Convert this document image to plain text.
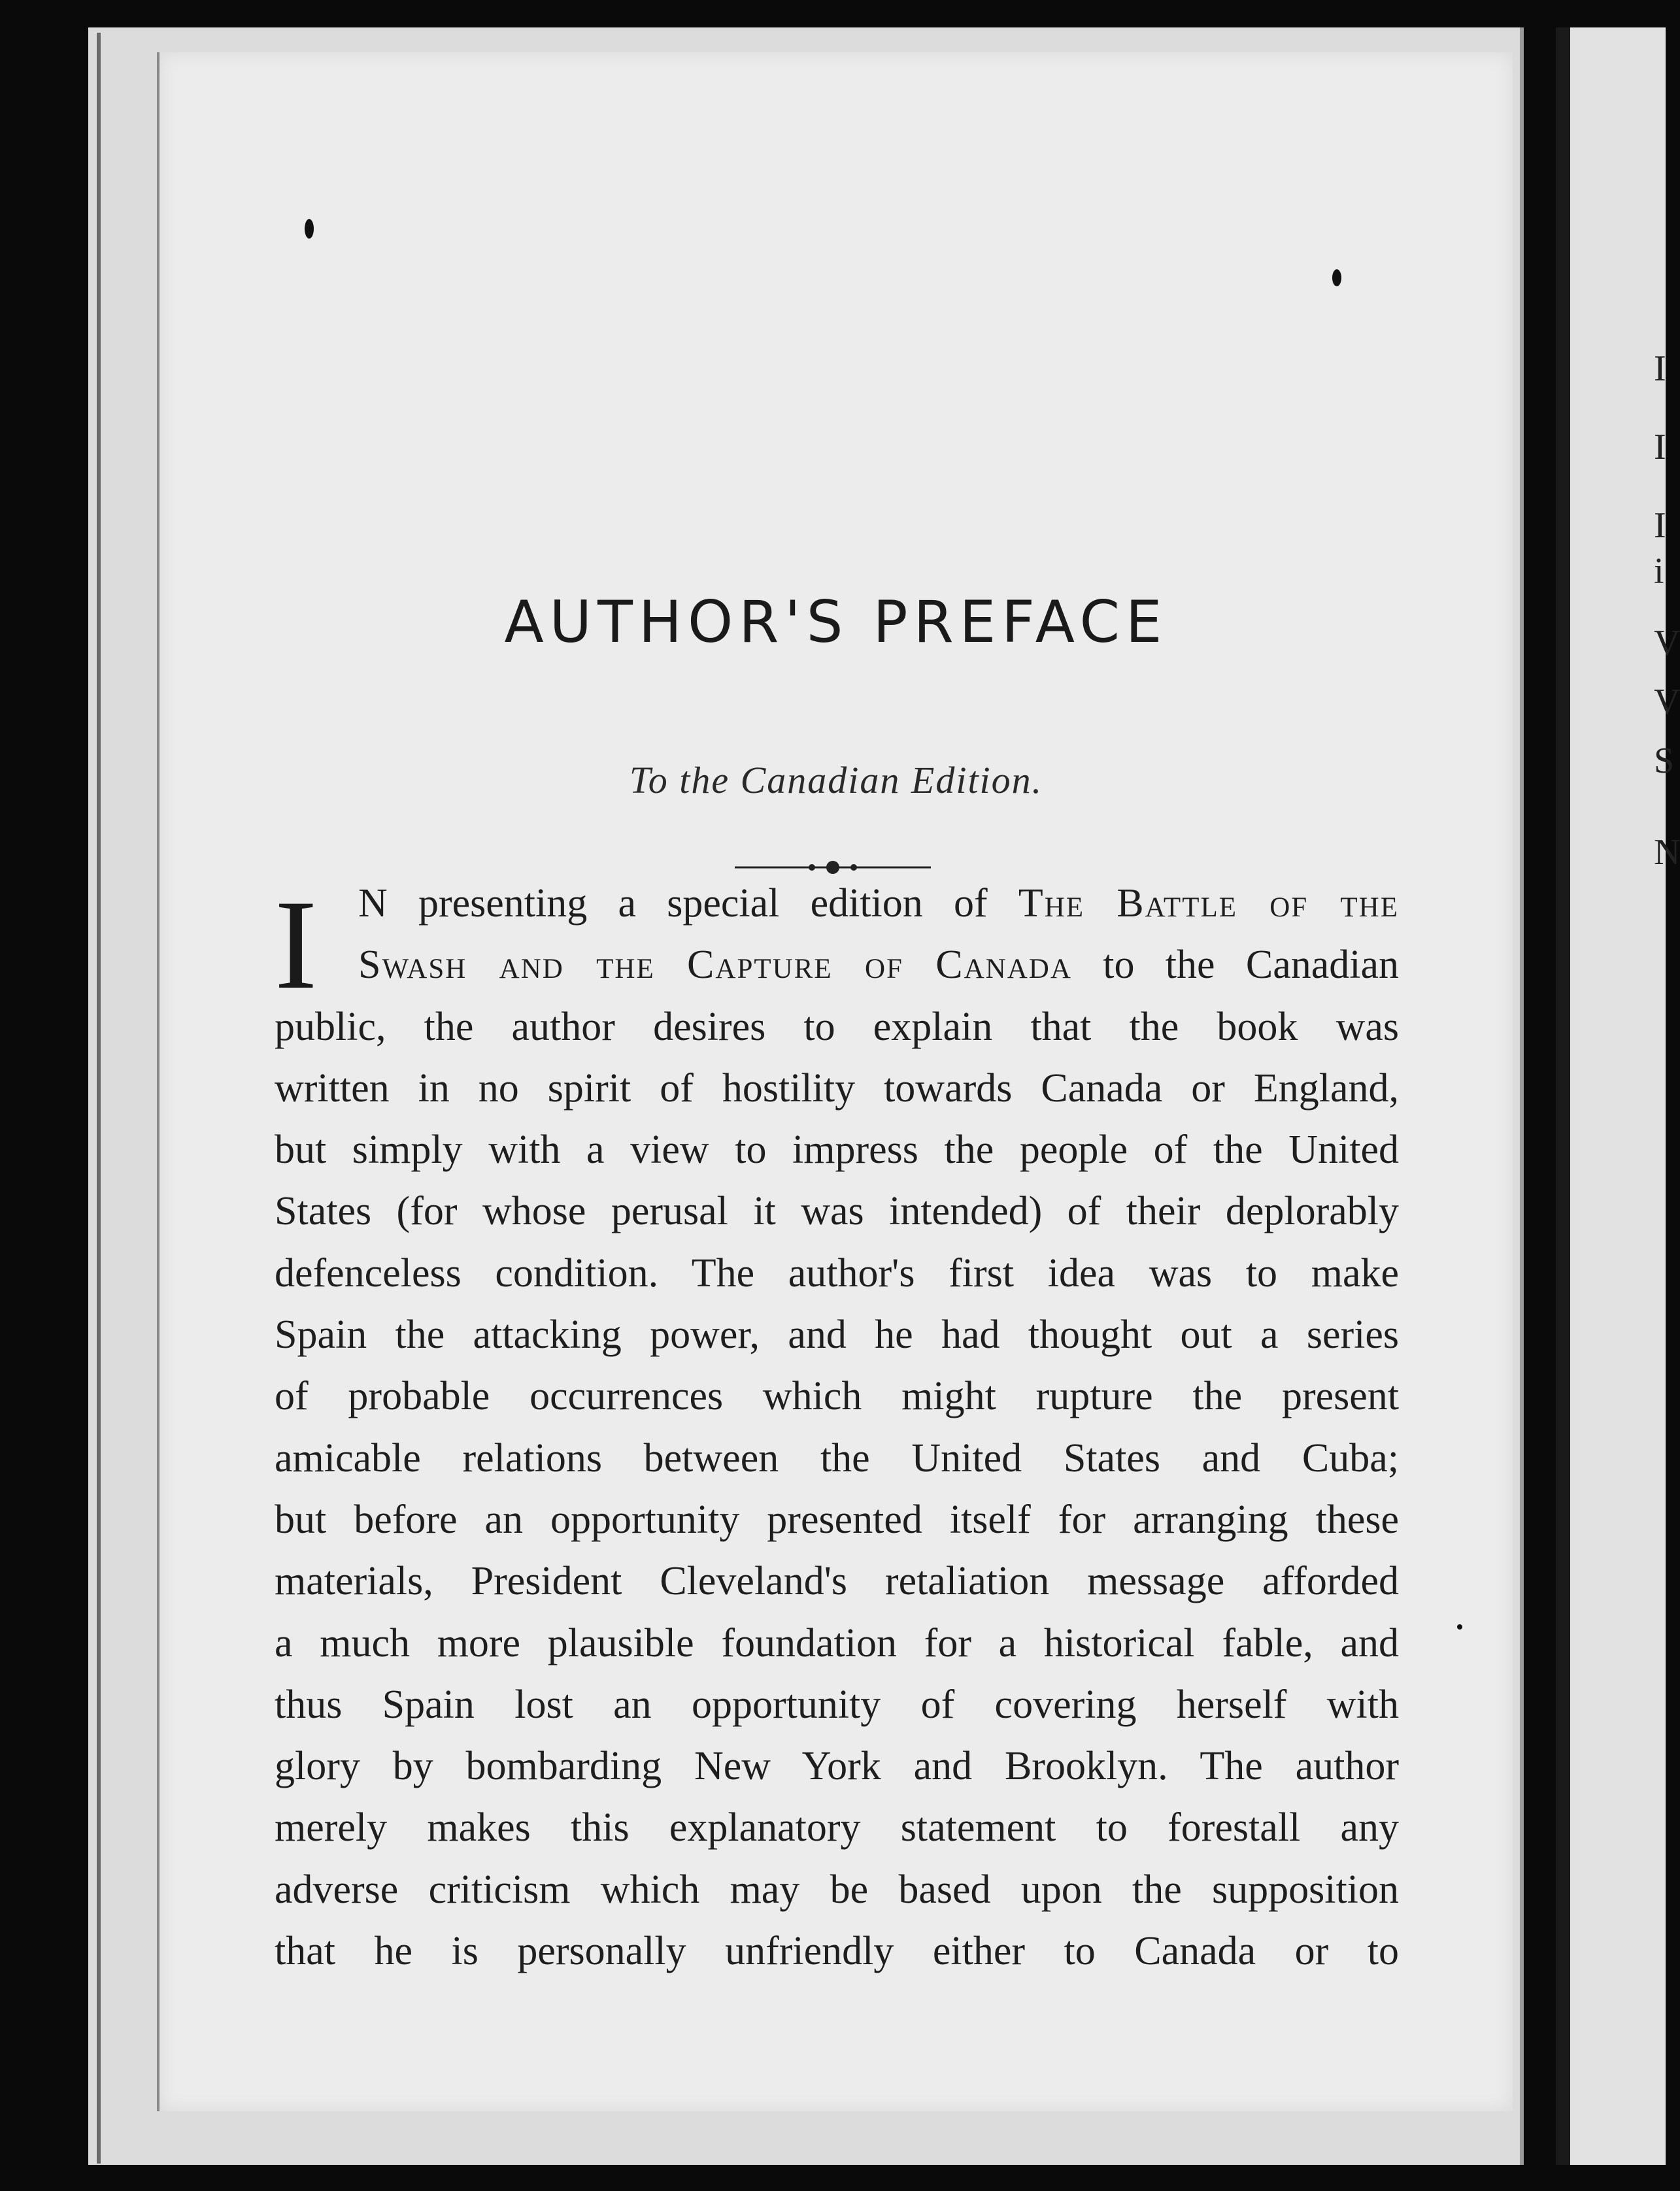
I
I
I
i
V
V
S
N
AUTHOR'S PREFACE

To the Canadian Edition.

I	N presenting a special edition of The Battle of the
Swash and the Capture of Canada to the Canadian
public, the author desires to explain that the book was
written in no spirit of hostility towards Canada or England,
but simply with a view to impress the people of the United
States (for whose perusal it was intended) of their deplorably
defenceless condition. The author's first idea was to make
Spain the attacking power, and he had thought out a series
of probable occurrences which might rupture the present
amicable relations between the United States and Cuba;
but before an opportunity presented itself for arranging these
materials, President Cleveland's retaliation message afforded
a much more plausible foundation for a historical fable, and
thus Spain lost an opportunity of covering herself with
glory by bombarding New York and Brooklyn. The author
merely makes this explanatory statement to forestall any
adverse criticism which may be based upon the supposition
that he is personally unfriendly either to Canada or to
